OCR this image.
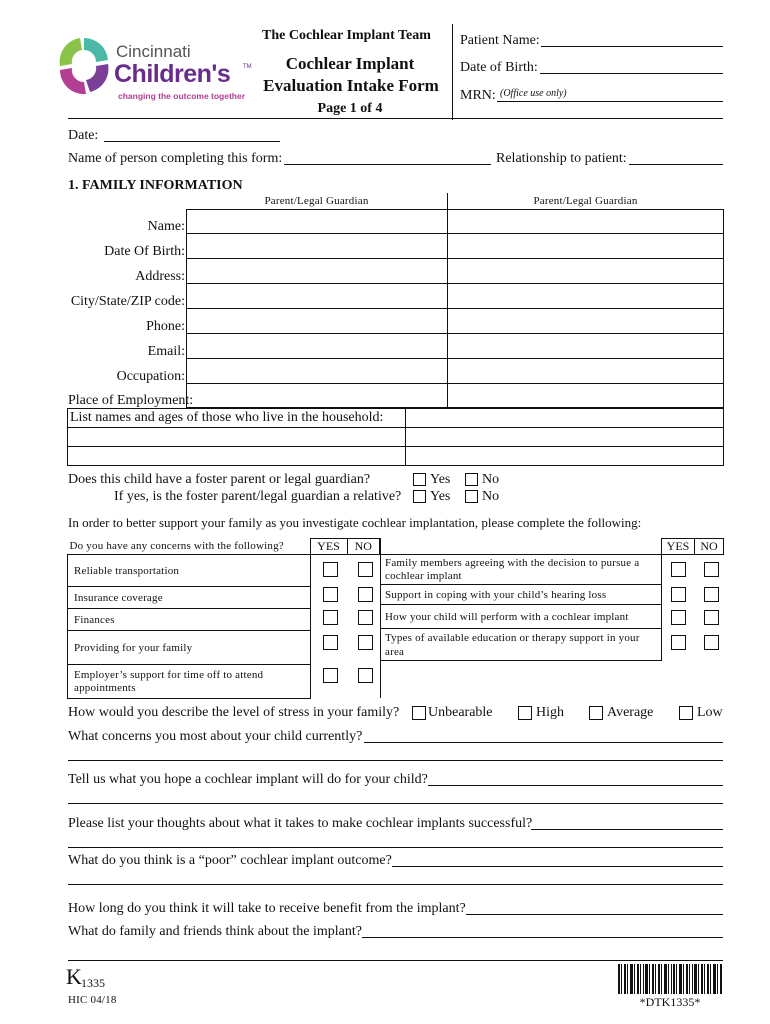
Cincinnati
Children's TM
changing the outcome together
The Cochlear Implant Team
Cochlear Implant
Evaluation Intake Form
Page 1 of 4
Patient Name:
Date of Birth:
MRN: (Office use only)
Date:
Name of person completing this form:	Relationship to patient:
1. FAMILY INFORMATION
Parent/Legal Guardian	Parent/Legal Guardian

Name:
Date Of Birth:
Address:
City/State/ZIP code:
Phone:
Email:
Occupation:
Place of Employment:
List names and ages of those who live in the household:	

Does this child have a foster parent or legal guardian?
If yes, is the foster parent/legal guardian a relative?
Yes No
Yes No
In order to better support your family as you investigate cochlear implantation, please complete the following:
Do you have any concerns with the following?	YES	NO
Reliable transportation		
Insurance coverage		
Finances		
Providing for your family		
Employer’s support for time off to attend appointments		
	YES	NO
Family members agreeing with the decision to pursue a cochlear implant		
Support in coping with your child’s hearing loss		
How your child will perform with a cochlear implant		
Types of available education or therapy support in your area		
How would you describe the level of stress in your family? Unbearable	High	Average	Low
What concerns you most about your child currently?
Tell us what you hope a cochlear implant will do for your child?
Please list your thoughts about what it takes to make cochlear implants successful?
What do you think is a “poor” cochlear implant outcome?
How long do you think it will take to receive benefit from the implant?
What do family and friends think about the implant?
K 1335
HIC 04/18	*DTK1335*
